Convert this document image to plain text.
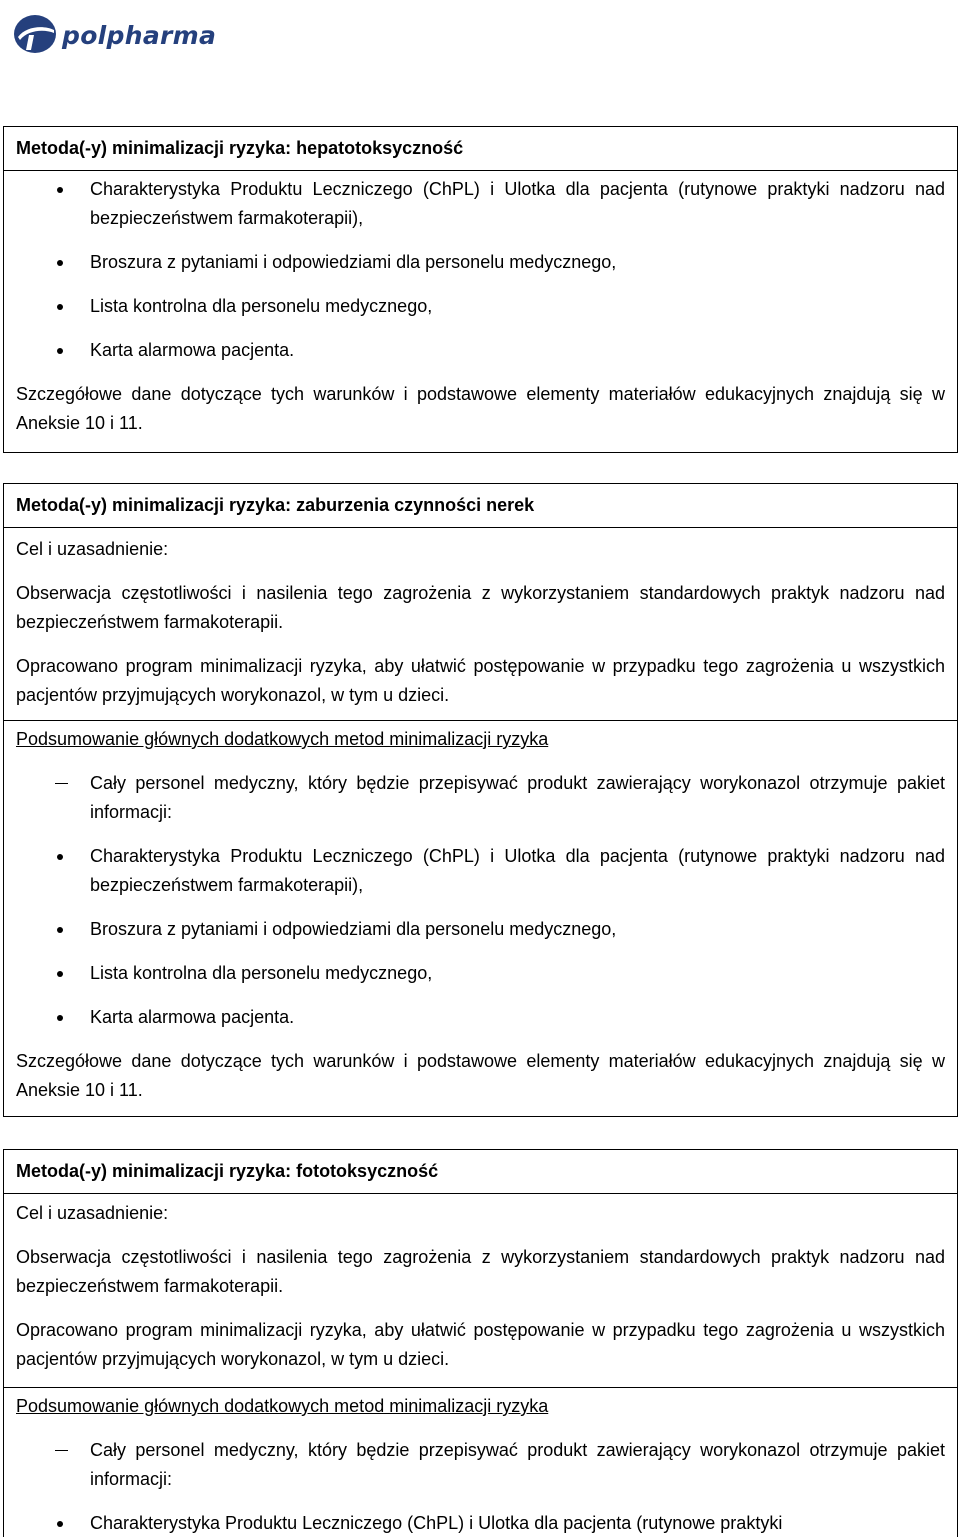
polpharma
Metoda(-y) minimalizacji ryzyka: hepatotoksyczność
Charakterystyka Produktu Leczniczego (ChPL) i Ulotka dla pacjenta (rutynowe praktyki nadzoru nad bezpieczeństwem farmakoterapii),
Broszura z pytaniami i odpowiedziami dla personelu medycznego,
Lista kontrolna dla personelu medycznego,
Karta alarmowa pacjenta.

Szczegółowe dane dotyczące tych warunków i podstawowe elementy materiałów edukacyjnych znajdują się w Aneksie 10 i 11.

Metoda(-y) minimalizacji ryzyka: zaburzenia czynności nerek

Cel i uzasadnienie:

Obserwacja częstotliwości i nasilenia tego zagrożenia z wykorzystaniem standardowych praktyk nadzoru nad bezpieczeństwem farmakoterapii.

Opracowano program minimalizacji ryzyka, aby ułatwić postępowanie w przypadku tego zagrożenia u wszystkich pacjentów przyjmujących worykonazol, w tym u dzieci.

Podsumowanie głównych dodatkowych metod minimalizacji ryzyka

Cały personel medyczny, który będzie przepisywać produkt zawierający worykonazol otrzymuje pakiet informacji:
Charakterystyka Produktu Leczniczego (ChPL) i Ulotka dla pacjenta (rutynowe praktyki nadzoru nad bezpieczeństwem farmakoterapii),
Broszura z pytaniami i odpowiedziami dla personelu medycznego,
Lista kontrolna dla personelu medycznego,
Karta alarmowa pacjenta.

Szczegółowe dane dotyczące tych warunków i podstawowe elementy materiałów edukacyjnych znajdują się w Aneksie 10 i 11.

Metoda(-y) minimalizacji ryzyka: fototoksyczność

Cel i uzasadnienie:

Obserwacja częstotliwości i nasilenia tego zagrożenia z wykorzystaniem standardowych praktyk nadzoru nad bezpieczeństwem farmakoterapii.

Opracowano program minimalizacji ryzyka, aby ułatwić postępowanie w przypadku tego zagrożenia u wszystkich pacjentów przyjmujących worykonazol, w tym u dzieci.

Podsumowanie głównych dodatkowych metod minimalizacji ryzyka

Cały personel medyczny, który będzie przepisywać produkt zawierający worykonazol otrzymuje pakiet informacji:
Charakterystyka Produktu Leczniczego (ChPL) i Ulotka dla pacjenta (rutynowe praktyki
